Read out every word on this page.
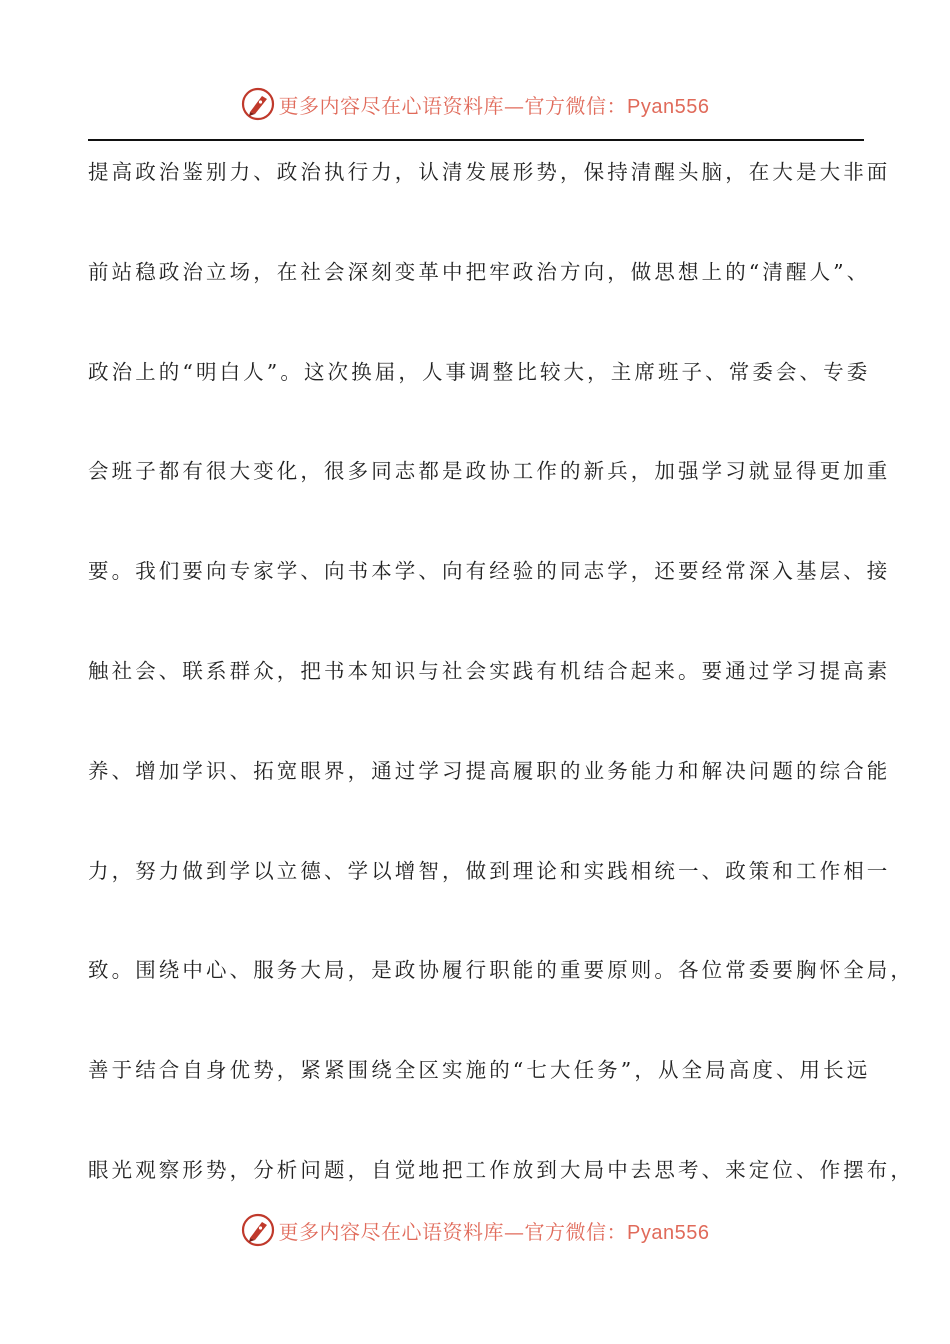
更多内容尽在心语资料库—官方微信：Pyan556
提高政治鉴别力、政治执行力，认清发展形势，保持清醒头脑，在大是大非面
前站稳政治立场，在社会深刻变革中把牢政治方向，做思想上的“清醒人”、
政治上的“明白人”。这次换届，人事调整比较大，主席班子、常委会、专委
会班子都有很大变化，很多同志都是政协工作的新兵，加强学习就显得更加重
要。我们要向专家学、向书本学、向有经验的同志学，还要经常深入基层、接
触社会、联系群众，把书本知识与社会实践有机结合起来。要通过学习提高素
养、增加学识、拓宽眼界，通过学习提高履职的业务能力和解决问题的综合能
力，努力做到学以立德、学以增智，做到理论和实践相统一、政策和工作相一
致。围绕中心、服务大局，是政协履行职能的重要原则。各位常委要胸怀全局，
善于结合自身优势，紧紧围绕全区实施的“七大任务”，从全局高度、用长远
眼光观察形势，分析问题，自觉地把工作放到大局中去思考、来定位、作摆布，
更多内容尽在心语资料库—官方微信：Pyan556
